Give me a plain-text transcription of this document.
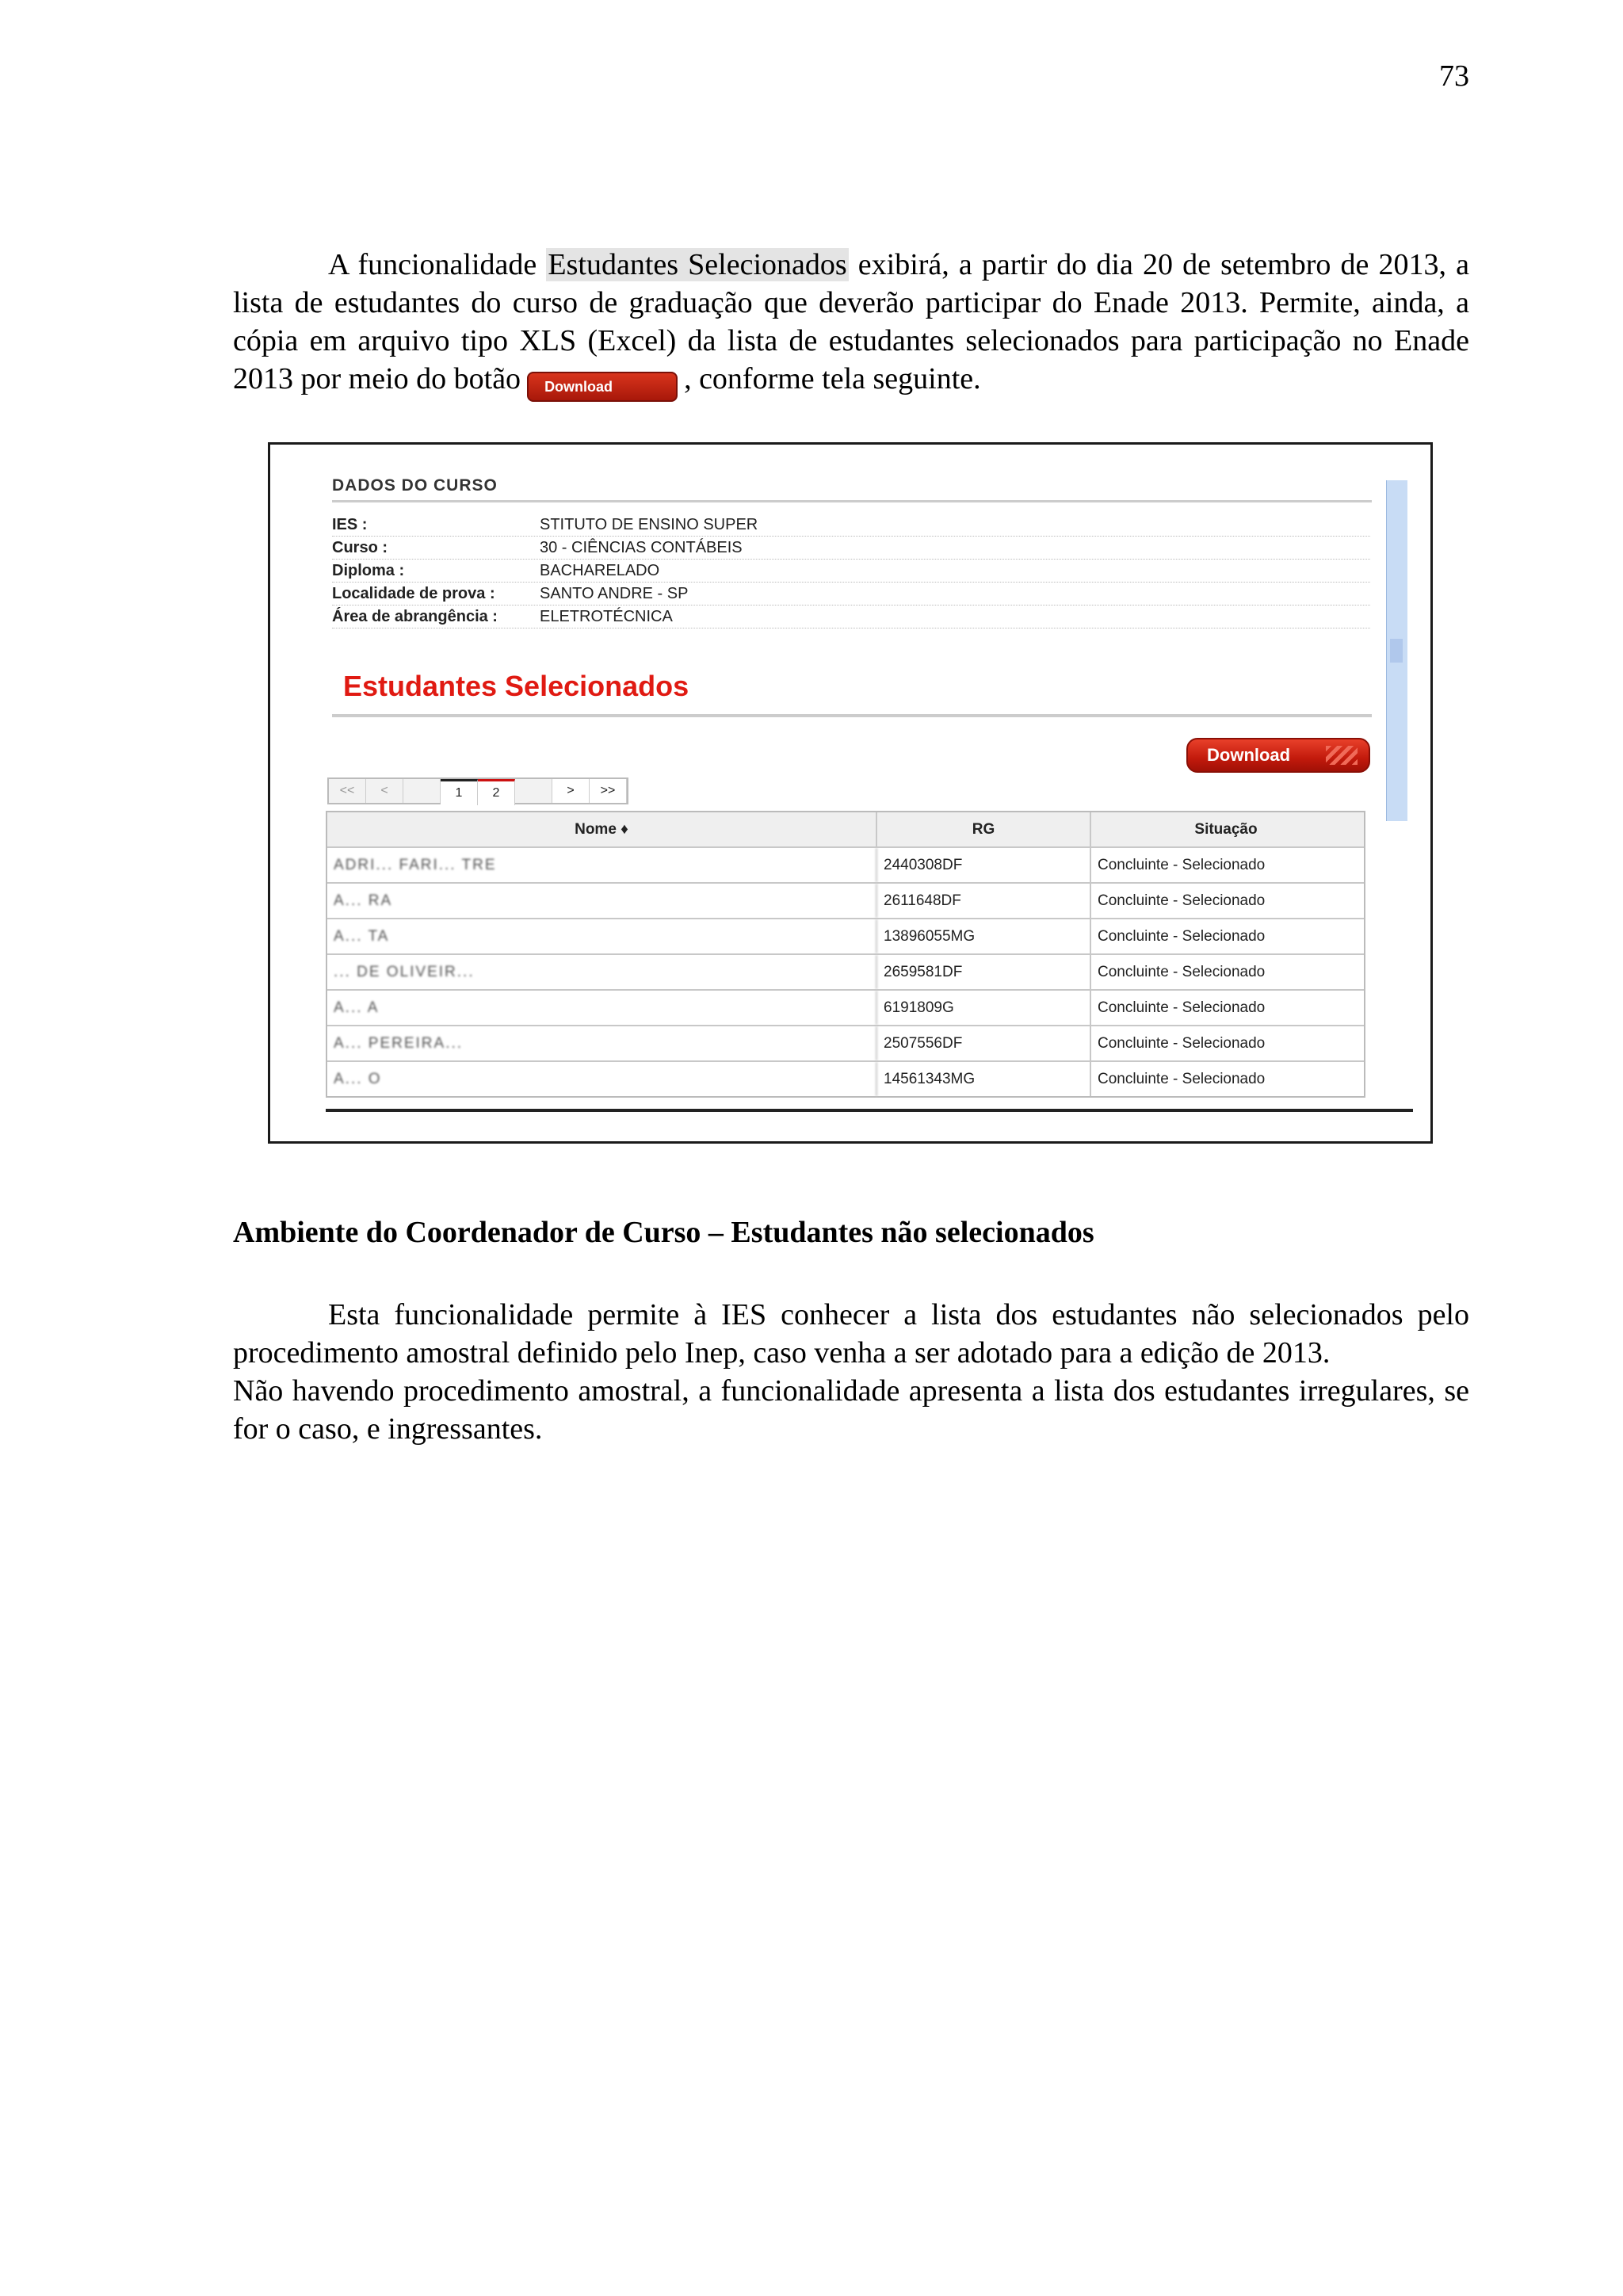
73

A funcionalidade Estudantes Selecionados exibirá, a partir do dia 20 de setembro de 2013, a lista de estudantes do curso de graduação que deverão participar do Enade 2013. Permite, ainda, a cópia em arquivo tipo XLS (Excel) da lista de estudantes selecionados para participação no Enade 2013 por meio do botão Download , conforme tela seguinte.

DADOS DO CURSO
IES :	STITUTO DE ENSINO SUPER
Curso :	30 - CIÊNCIAS CONTÁBEIS
Diploma :	BACHARELADO
Localidade de prova :	SANTO ANDRE - SP
Área de abrangência :	ELETROTÉCNICA
Estudantes Selecionados
Download
<<	<	1	2	>	>>
Nome ♦	RG	Situação
ADRI... FARI... TRE	2440308DF	Concluinte - Selecionado
A... RA	2611648DF	Concluinte - Selecionado
A... TA	13896055MG	Concluinte - Selecionado
... DE OLIVEIR...	2659581DF	Concluinte - Selecionado
A... A	6191809G	Concluinte - Selecionado
A... PEREIRA...	2507556DF	Concluinte - Selecionado
A... O	14561343MG	Concluinte - Selecionado
Ambiente do Coordenador de Curso – Estudantes não selecionados

Esta funcionalidade permite à IES conhecer a lista dos estudantes não selecionados pelo procedimento amostral definido pelo Inep, caso venha a ser adotado para a edição de 2013.

Não havendo procedimento amostral, a funcionalidade apresenta a lista dos estudantes irregulares, se for o caso, e ingressantes.
